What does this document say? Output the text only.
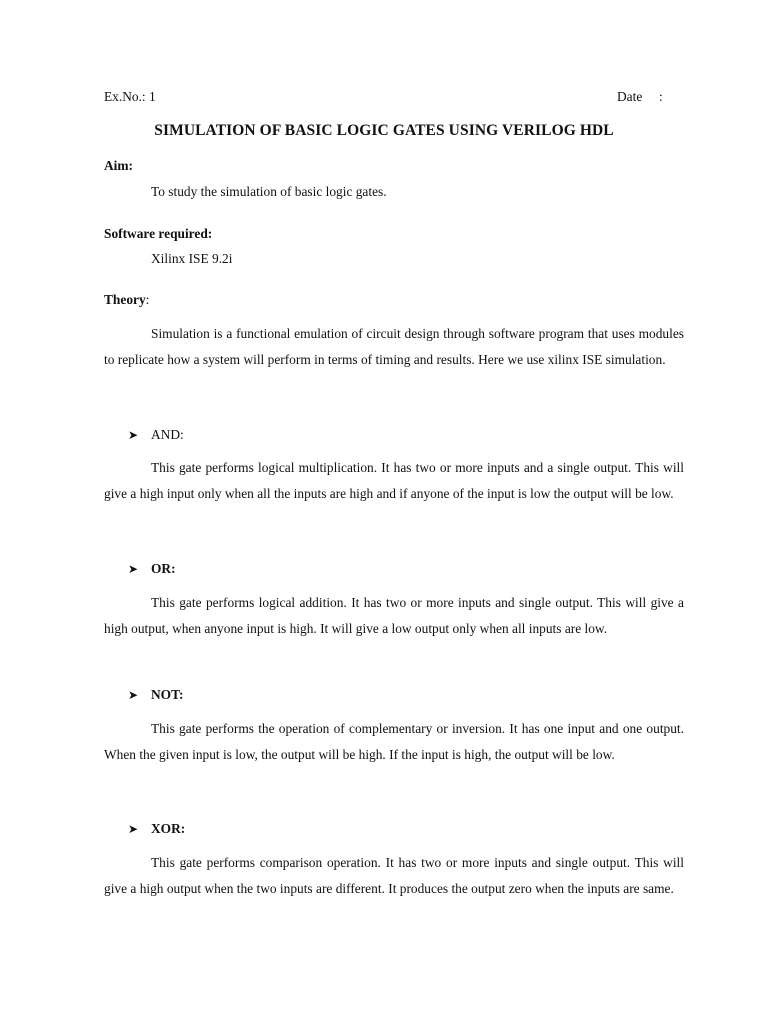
Ex.No.: 1	Date     :
SIMULATION OF BASIC LOGIC GATES USING VERILOG HDL
Aim:
To study the simulation of basic logic gates.
Software required:
Xilinx ISE 9.2i
Theory:
Simulation is a functional emulation of circuit design through software program that uses modules to replicate how a system will perform in terms of timing and results. Here we use xilinx ISE simulation.
➤ AND:
This gate performs logical multiplication. It has two or more inputs and a single output. This will give a high input only when all the inputs are high and if anyone of the input is low the output will be low.
➤ OR:
This gate performs logical addition. It has two or more inputs and single output. This will give a high output, when anyone input is high. It will give a low output only when all inputs are low.
➤ NOT:
This gate performs the operation of complementary or inversion. It has one input and one output. When the given input is low, the output will be high. If the input is high, the output will be low.
➤ XOR:
This gate performs comparison operation. It has two or more inputs and single output. This will give a high output when the two inputs are different. It produces the output zero when the inputs are same.
